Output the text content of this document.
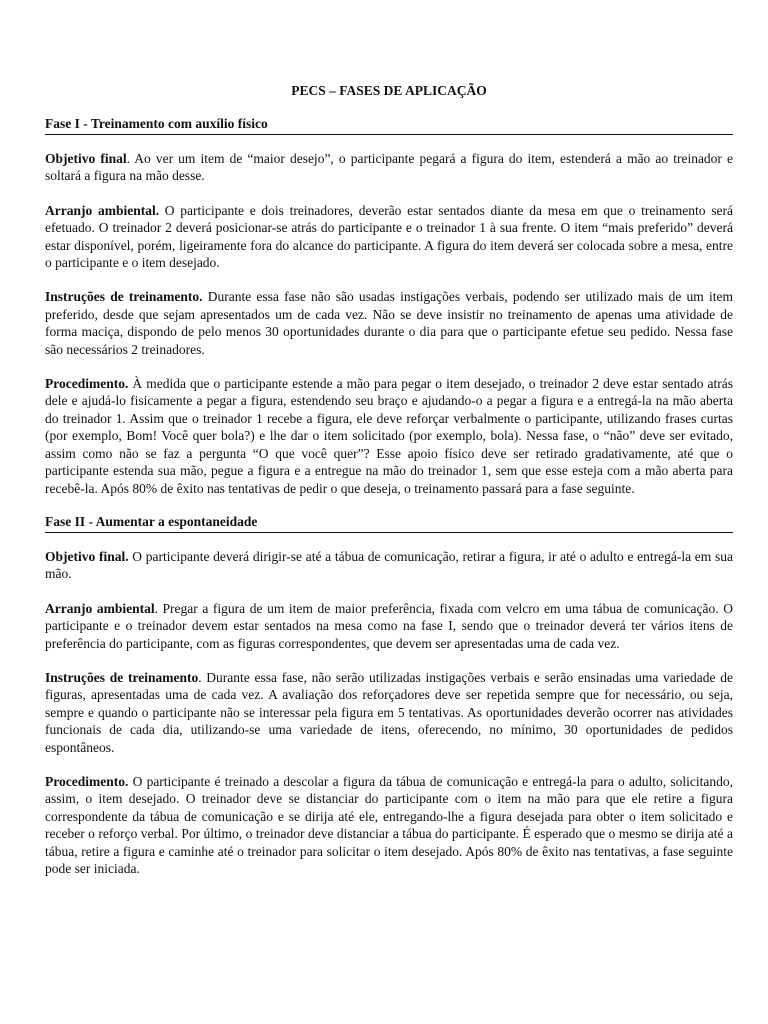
PECS – FASES DE APLICAÇÃO
Fase I - Treinamento com auxílio físico

Objetivo final. Ao ver um item de “maior desejo”, o participante pegará a figura do item, estenderá a mão ao treinador e soltará a figura na mão desse.

Arranjo ambiental. O participante e dois treinadores, deverão estar sentados diante da mesa em que o treinamento será efetuado. O treinador 2 deverá posicionar-se atrás do participante e o treinador 1 à sua frente. O item “mais preferido” deverá estar disponível, porém, ligeiramente fora do alcance do participante. A figura do item deverá ser colocada sobre a mesa, entre o participante e o item desejado.

Instruções de treinamento. Durante essa fase não são usadas instigações verbais, podendo ser utilizado mais de um item preferido, desde que sejam apresentados um de cada vez. Não se deve insistir no treinamento de apenas uma atividade de forma maciça, dispondo de pelo menos 30 oportunidades durante o dia para que o participante efetue seu pedido. Nessa fase são necessários 2 treinadores.

Procedimento. À medida que o participante estende a mão para pegar o item desejado, o treinador 2 deve estar sentado atrás dele e ajudá-lo fisicamente a pegar a figura, estendendo seu braço e ajudando-o a pegar a figura e a entregá-la na mão aberta do treinador 1. Assim que o treinador 1 recebe a figura, ele deve reforçar verbalmente o participante, utilizando frases curtas (por exemplo, Bom! Você quer bola?) e lhe dar o item solicitado (por exemplo, bola). Nessa fase, o “não” deve ser evitado, assim como não se faz a pergunta “O que você quer”? Esse apoio físico deve ser retirado gradativamente, até que o participante estenda sua mão, pegue a figura e a entregue na mão do treinador 1, sem que esse esteja com a mão aberta para recebê-la. Após 80% de êxito nas tentativas de pedir o que deseja, o treinamento passará para a fase seguinte.

Fase II - Aumentar a espontaneidade

Objetivo final. O participante deverá dirigir-se até a tábua de comunicação, retirar a figura, ir até o adulto e entregá-la em sua mão.

Arranjo ambiental. Pregar a figura de um item de maior preferência, fixada com velcro em uma tábua de comunicação. O participante e o treinador devem estar sentados na mesa como na fase I, sendo que o treinador deverá ter vários itens de preferência do participante, com as figuras correspondentes, que devem ser apresentadas uma de cada vez.

Instruções de treinamento. Durante essa fase, não serão utilizadas instigações verbais e serão ensinadas uma variedade de figuras, apresentadas uma de cada vez. A avaliação dos reforçadores deve ser repetida sempre que for necessário, ou seja, sempre e quando o participante não se interessar pela figura em 5 tentativas. As oportunidades deverão ocorrer nas atividades funcionais de cada dia, utilizando-se uma variedade de itens, oferecendo, no mínimo, 30 oportunidades de pedidos espontâneos.

Procedimento. O participante é treinado a descolar a figura da tábua de comunicação e entregá-la para o adulto, solicitando, assim, o item desejado. O treinador deve se distanciar do participante com o item na mão para que ele retire a figura correspondente da tábua de comunicação e se dirija até ele, entregando-lhe a figura desejada para obter o item solicitado e receber o reforço verbal. Por último, o treinador deve distanciar a tábua do participante. É esperado que o mesmo se dirija até a tábua, retire a figura e caminhe até o treinador para solicitar o item desejado. Após 80% de êxito nas tentativas, a fase seguinte pode ser iniciada.
